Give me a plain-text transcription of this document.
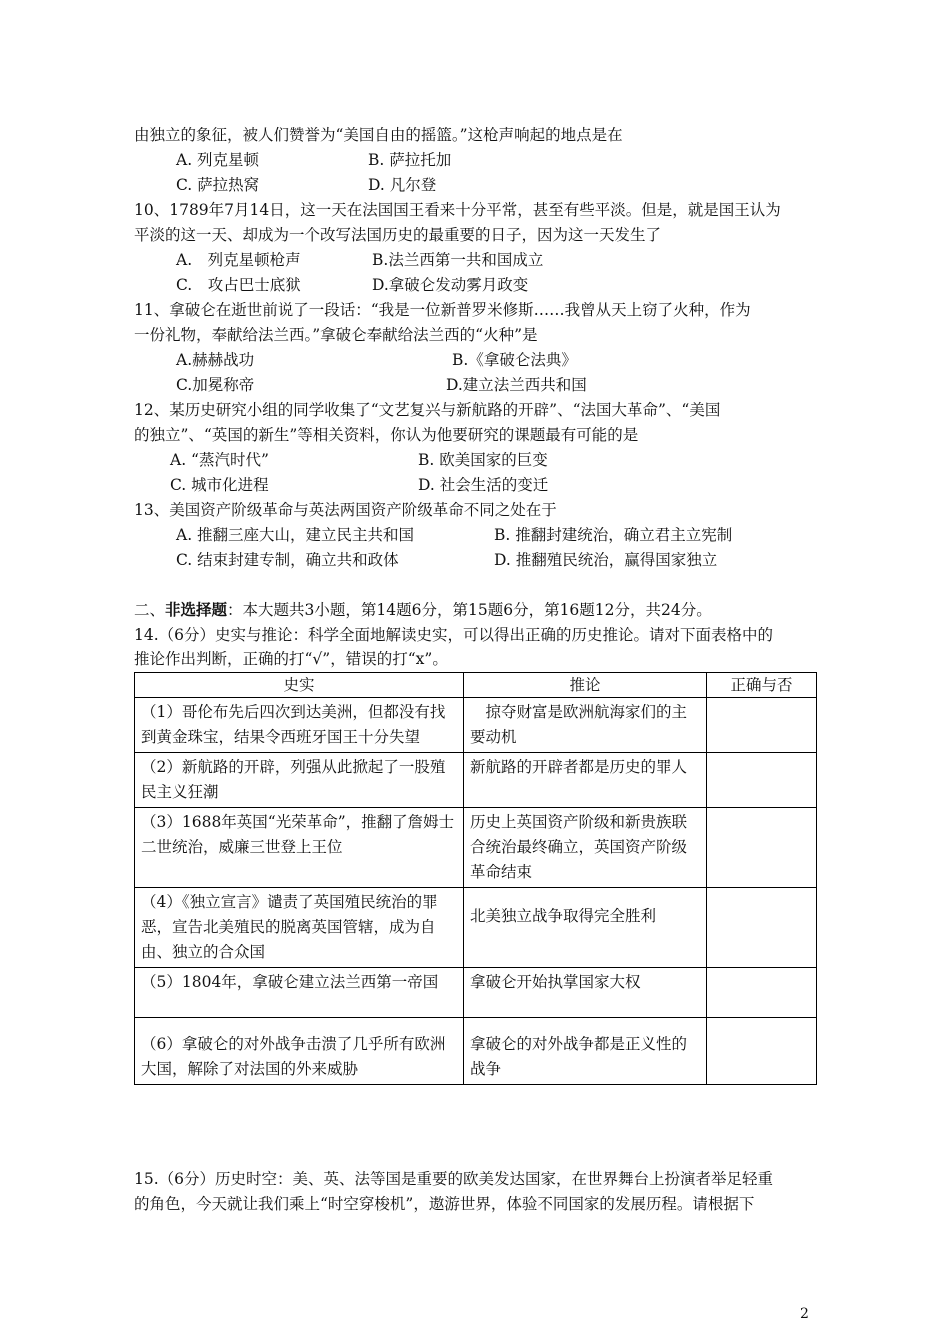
由独立的象征，被人们赞誉为“美国自由的摇篮。”这枪声响起的地点是在
A. 列克星顿	B. 萨拉托加
C. 萨拉热窝	D. 凡尔登
10、1789年7月14日，这一天在法国国王看来十分平常，甚至有些平淡。但是，就是国王认为
平淡的这一天、却成为一个改写法国历史的最重要的日子，因为这一天发生了
A.　列克星顿枪声	B.法兰西第一共和国成立
C.　攻占巴士底狱	D.拿破仑发动雾月政变
11、拿破仑在逝世前说了一段话：“我是一位新普罗米修斯……我曾从天上窃了火种，作为
一份礼物，奉献给法兰西。”拿破仑奉献给法兰西的“火种”是
A.赫赫战功	B.《拿破仑法典》
C.加冕称帝	D.建立法兰西共和国
12、某历史研究小组的同学收集了“文艺复兴与新航路的开辟”、“法国大革命”、“美国
的独立”、“英国的新生”等相关资料，你认为他要研究的课题最有可能的是
A. “蒸汽时代”	B. 欧美国家的巨变
C. 城市化进程	D. 社会生活的变迁
13、美国资产阶级革命与英法两国资产阶级革命不同之处在于
A. 推翻三座大山，建立民主共和国	B. 推翻封建统治，确立君主立宪制
C. 结束封建专制，确立共和政体	D. 推翻殖民统治，赢得国家独立
二、非选择题：本大题共3小题，第14题6分，第15题6分，第16题12分，共24分。
14.（6分）史实与推论：科学全面地解读史实，可以得出正确的历史推论。请对下面表格中的
推论作出判断，正确的打“√”，错误的打“x”。
史实	推论	正确与否
（1）哥伦布先后四次到达美洲，但都没有找到黄金珠宝，结果令西班牙国王十分失望	　掠夺财富是欧洲航海家们的主要动机	
（2）新航路的开辟，列强从此掀起了一股殖民主义狂潮	新航路的开辟者都是历史的罪人	
（3）1688年英国“光荣革命”，推翻了詹姆士二世统治，威廉三世登上王位	历史上英国资产阶级和新贵族联合统治最终确立，英国资产阶级革命结束	
（4）《独立宣言》谴责了英国殖民统治的罪恶，宣告北美殖民的脱离英国管辖，成为自由、独立的合众国	北美独立战争取得完全胜利	
（5）1804年，拿破仑建立法兰西第一帝国	拿破仑开始执掌国家大权	
（6）拿破仑的对外战争击溃了几乎所有欧洲大国，解除了对法国的外来威胁	拿破仑的对外战争都是正义性的战争	
15.（6分）历史时空：美、英、法等国是重要的欧美发达国家，在世界舞台上扮演者举足轻重
的角色，今天就让我们乘上“时空穿梭机”，遨游世界，体验不同国家的发展历程。请根据下
2
